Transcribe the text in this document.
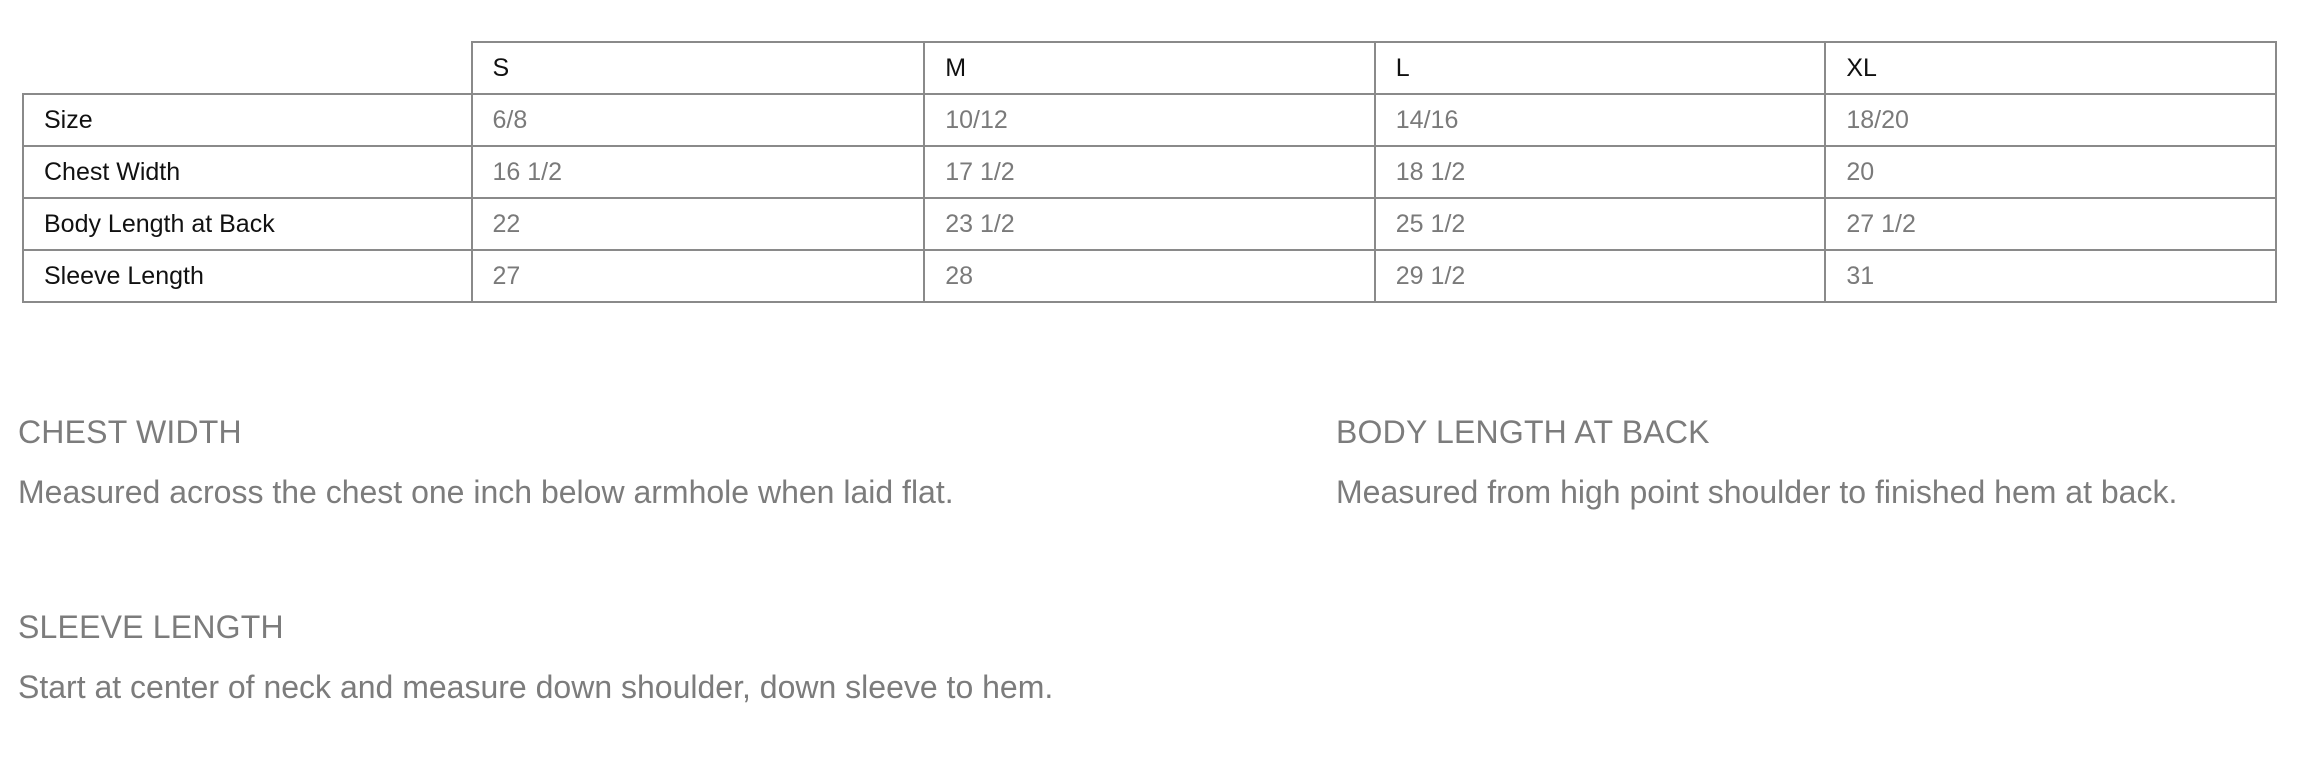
	S	M	L	XL
Size	6/8	10/12	14/16	18/20
Chest Width	16 1/2	17 1/2	18 1/2	20
Body Length at Back	22	23 1/2	25 1/2	27 1/2
Sleeve Length	27	28	29 1/2	31
CHEST WIDTH

Measured across the chest one inch below armhole when laid flat.

BODY LENGTH AT BACK

Measured from high point shoulder to finished hem at back.

SLEEVE LENGTH

Start at center of neck and measure down shoulder, down sleeve to hem.
